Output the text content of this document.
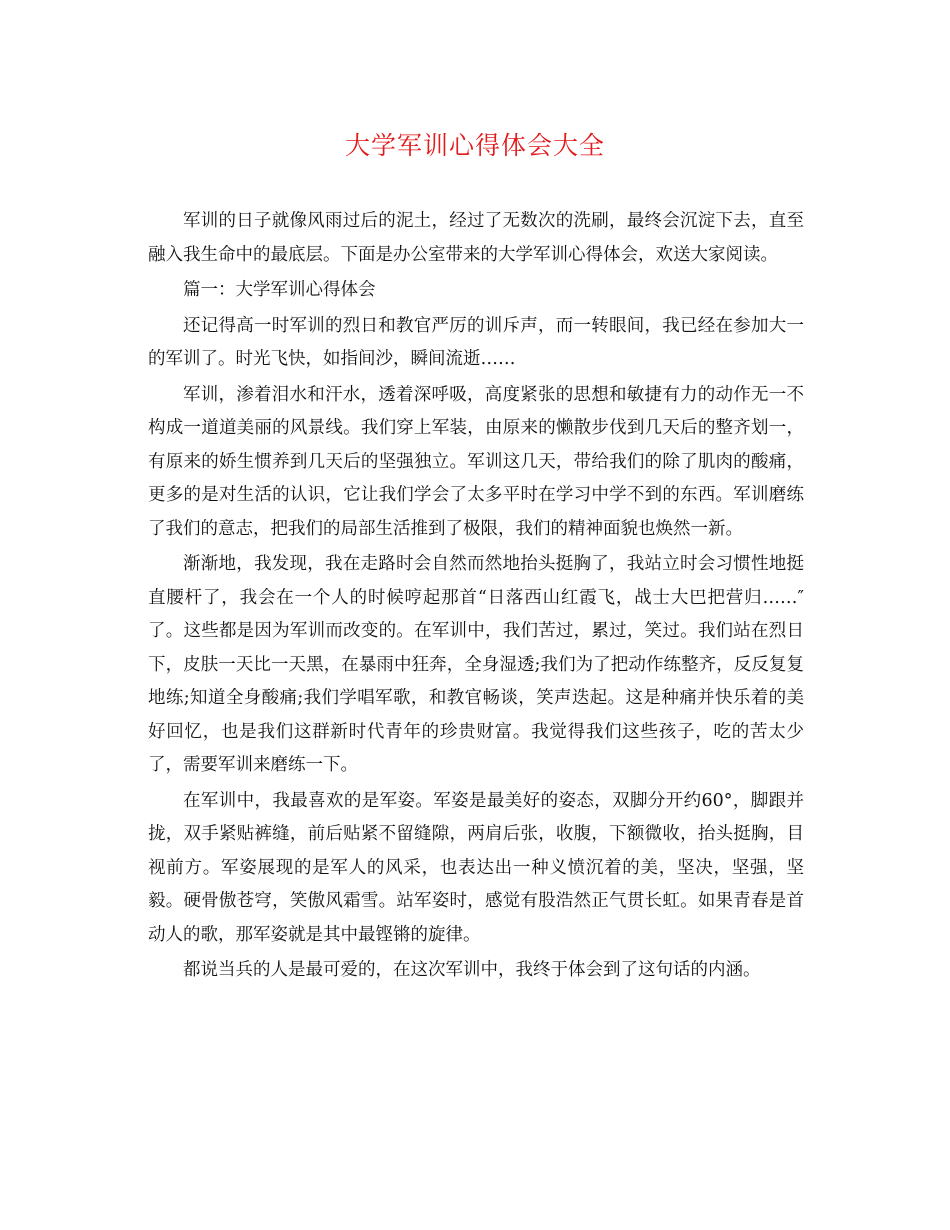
大学军训心得体会大全

军训的日子就像风雨过后的泥土，经过了无数次的洗刷，最终会沉淀下去，直至融入我生命中的最底层。下面是办公室带来的大学军训心得体会，欢送大家阅读。

篇一：大学军训心得体会

还记得高一时军训的烈日和教官严厉的训斥声，而一转眼间，我已经在参加大一的军训了。时光飞快，如指间沙，瞬间流逝……

军训，渗着泪水和汗水，透着深呼吸，高度紧张的思想和敏捷有力的动作无一不构成一道道美丽的风景线。我们穿上军装，由原来的懒散步伐到几天后的整齐划一，有原来的娇生惯养到几天后的坚强独立。军训这几天，带给我们的除了肌肉的酸痛，更多的是对生活的认识，它让我们学会了太多平时在学习中学不到的东西。军训磨练了我们的意志，把我们的局部生活推到了极限，我们的精神面貌也焕然一新。

渐渐地，我发现，我在走路时会自然而然地抬头挺胸了，我站立时会习惯性地挺直腰杆了，我会在一个人的时候哼起那首“日落西山红霞飞，战士大巴把营归……″了。这些都是因为军训而改变的。在军训中，我们苦过，累过，笑过。我们站在烈日下，皮肤一天比一天黑，在暴雨中狂奔，全身湿透;我们为了把动作练整齐，反反复复地练;知道全身酸痛;我们学唱军歌，和教官畅谈，笑声迭起。这是种痛并快乐着的美好回忆，也是我们这群新时代青年的珍贵财富。我觉得我们这些孩子，吃的苦太少了，需要军训来磨练一下。

在军训中，我最喜欢的是军姿。军姿是最美好的姿态，双脚分开约60°，脚跟并拢，双手紧贴裤缝，前后贴紧不留缝隙，两肩后张，收腹，下额微收，抬头挺胸，目视前方。军姿展现的是军人的风采，也表达出一种义愤沉着的美，坚决，坚强，坚毅。硬骨傲苍穹，笑傲风霜雪。站军姿时，感觉有股浩然正气贯长虹。如果青春是首动人的歌，那军姿就是其中最铿锵的旋律。

都说当兵的人是最可爱的，在这次军训中，我终于体会到了这句话的内涵。
